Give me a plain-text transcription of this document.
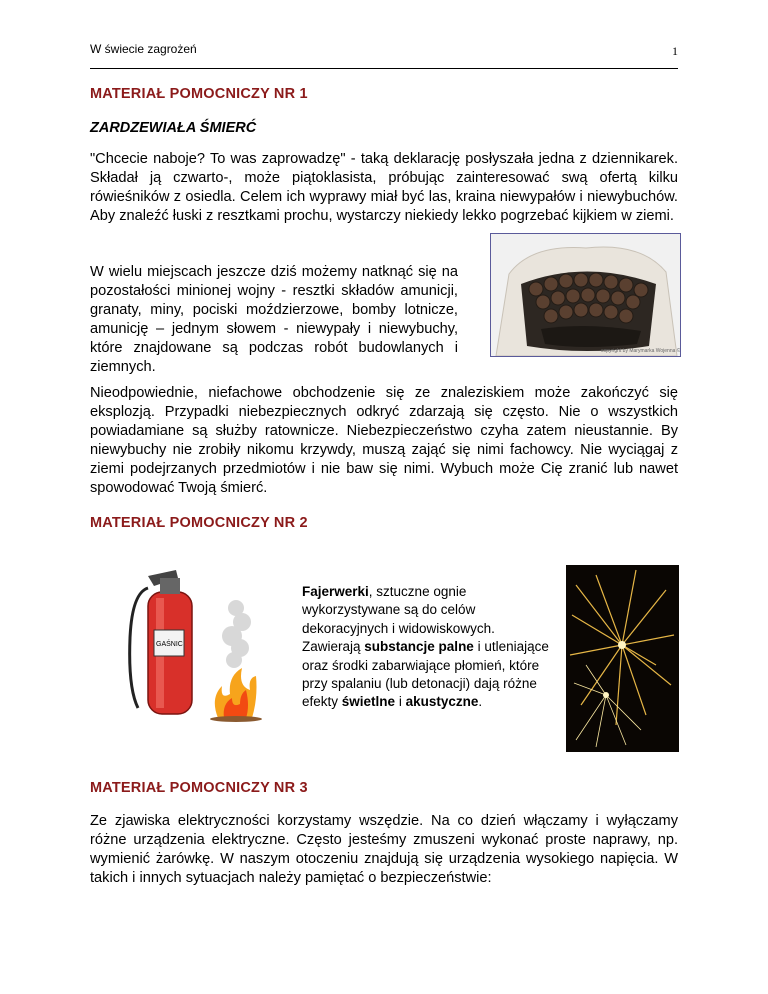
W świecie zagrożeń	1
MATERIAŁ POMOCNICZY NR 1
ZARDZEWIAŁA ŚMIERĆ
"Chcecie naboje? To was zaprowadzę" - taką deklarację posłyszała jedna z dziennikarek. Składał ją czwarto-, może piątoklasista, próbując zainteresować swą ofertą kilku rówieśników z osiedla. Celem ich wyprawy miał być las, kraina niewypałów i niewybuchów. Aby znaleźć łuski z resztkami prochu, wystarczy niekiedy lekko pogrzebać kijkiem w ziemi.
W wielu miejscach jeszcze dziś możemy natknąć się na pozostałości minionej wojny - resztki składów amunicji, granaty, miny, pociski moździerzowe, bomby lotnicze, amunicję – jednym słowem - niewypały i niewybuchy, które znajdowane są podczas robót budowlanych i ziemnych.
copyright by Marymarka Wojenna ©
Nieodpowiednie, niefachowe obchodzenie się ze znaleziskiem może zakończyć się eksplozją. Przypadki niebezpiecznych odkryć zdarzają się często. Nie o wszystkich powiadamiane są służby ratownicze. Niebezpieczeństwo czyha zatem nieustannie. By niewybuchy nie zrobiły nikomu krzywdy, muszą zająć się nimi fachowcy. Nie wyciągaj z ziemi podejrzanych przedmiotów i nie baw się nimi. Wybuch może Cię zranić lub nawet spowodować Twoją śmierć.
MATERIAŁ POMOCNICZY NR 2
GAŚNIC
Fajerwerki, sztuczne ognie wykorzystywane są do celów dekoracyjnych i widowiskowych. Zawierają substancje palne i utleniające oraz środki zabarwiające płomień, które przy spalaniu (lub detonacji) dają różne efekty świetlne i akustyczne.
MATERIAŁ POMOCNICZY NR 3
Ze zjawiska elektryczności korzystamy wszędzie. Na co dzień włączamy i wyłączamy różne urządzenia elektryczne. Często jesteśmy zmuszeni wykonać proste naprawy, np. wymienić żarówkę. W naszym otoczeniu znajdują się urządzenia wysokiego napięcia. W takich i innych sytuacjach należy pamiętać o bezpieczeństwie:
